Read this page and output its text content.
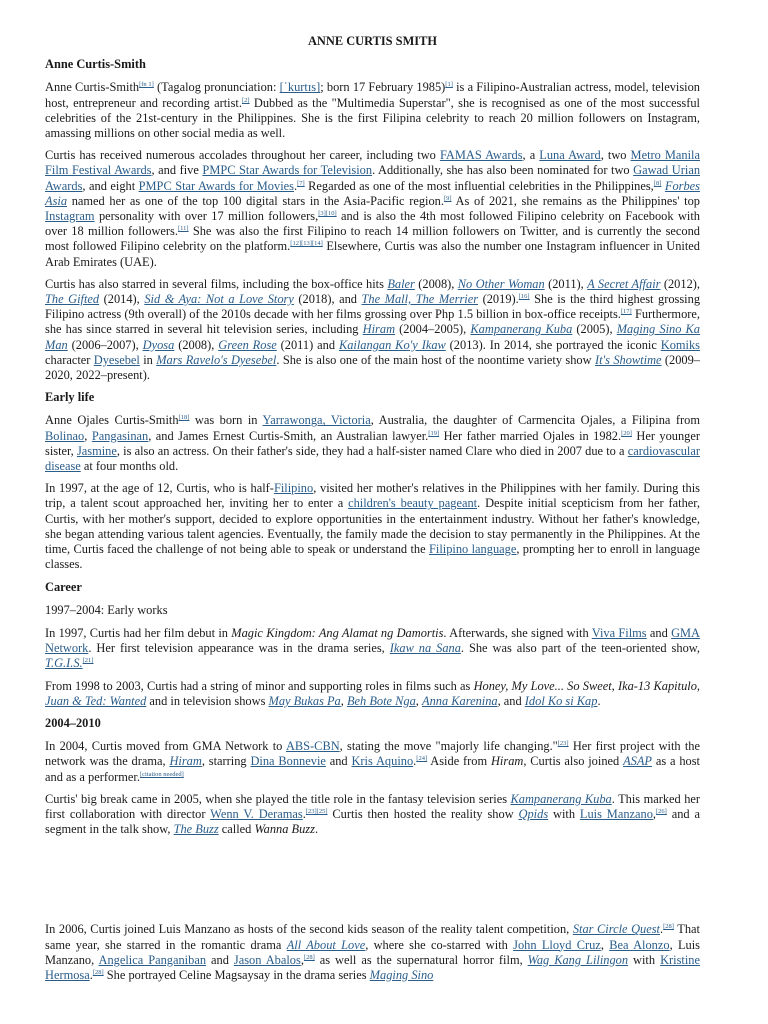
ANNE CURTIS SMITH
Anne Curtis-Smith

Anne Curtis-Smith[fn 1] (Tagalog pronunciation: [ˈkurtɪs]; born 17 February 1985)[1] is a Filipino-Australian actress, model, television host, entrepreneur and recording artist.[2] Dubbed as the "Multimedia Superstar", she is recognised as one of the most successful celebrities of the 21st-century in the Philippines. She is the first Filipina celebrity to reach 20 million followers on Instagram, amassing millions on other social media as well.

Curtis has received numerous accolades throughout her career, including two FAMAS Awards, a Luna Award, two Metro Manila Film Festival Awards, and five PMPC Star Awards for Television. Additionally, she has also been nominated for two Gawad Urian Awards, and eight PMPC Star Awards for Movies.[7] Regarded as one of the most influential celebrities in the Philippines,[8] Forbes Asia named her as one of the top 100 digital stars in the Asia-Pacific region.[9] As of 2021, she remains as the Philippines' top Instagram personality with over 17 million followers,[3][10] and is also the 4th most followed Filipino celebrity on Facebook with over 18 million followers.[11] She was also the first Filipino to reach 14 million followers on Twitter, and is currently the second most followed Filipino celebrity on the platform.[12][13][14] Elsewhere, Curtis was also the number one Instagram influencer in United Arab Emirates (UAE).

Curtis has also starred in several films, including the box-office hits Baler (2008), No Other Woman (2011), A Secret Affair (2012), The Gifted (2014), Sid & Aya: Not a Love Story (2018), and The Mall, The Merrier (2019).[16] She is the third highest grossing Filipino actress (9th overall) of the 2010s decade with her films grossing over Php 1.5 billion in box-office receipts.[17] Furthermore, she has since starred in several hit television series, including Hiram (2004–2005), Kampanerang Kuba (2005), Maging Sino Ka Man (2006–2007), Dyosa (2008), Green Rose (2011) and Kailangan Ko'y Ikaw (2013). In 2014, she portrayed the iconic Komiks character Dyesebel in Mars Ravelo's Dyesebel. She is also one of the main host of the noontime variety show It's Showtime (2009–2020, 2022–present).

Early life

Anne Ojales Curtis-Smith[18] was born in Yarrawonga, Victoria, Australia, the daughter of Carmencita Ojales, a Filipina from Bolinao, Pangasinan, and James Ernest Curtis-Smith, an Australian lawyer.[19] Her father married Ojales in 1982.[20] Her younger sister, Jasmine, is also an actress. On their father's side, they had a half-sister named Clare who died in 2007 due to a cardiovascular disease at four months old.

In 1997, at the age of 12, Curtis, who is half-Filipino, visited her mother's relatives in the Philippines with her family. During this trip, a talent scout approached her, inviting her to enter a children's beauty pageant. Despite initial scepticism from her father, Curtis, with her mother's support, decided to explore opportunities in the entertainment industry. Without her father's knowledge, she began attending various talent agencies. Eventually, the family made the decision to stay permanently in the Philippines. At the time, Curtis faced the challenge of not being able to speak or understand the Filipino language, prompting her to enroll in language classes.

Career

1997–2004: Early works

In 1997, Curtis had her film debut in Magic Kingdom: Ang Alamat ng Damortis. Afterwards, she signed with Viva Films and GMA Network. Her first television appearance was in the drama series, Ikaw na Sana. She was also part of the teen-oriented show, T.G.I.S.[21]

From 1998 to 2003, Curtis had a string of minor and supporting roles in films such as Honey, My Love... So Sweet, Ika-13 Kapitulo, Juan & Ted: Wanted and in television shows May Bukas Pa, Beh Bote Nga, Anna Karenina, and Idol Ko si Kap.

2004–2010

In 2004, Curtis moved from GMA Network to ABS-CBN, stating the move "majorly life changing."[23] Her first project with the network was the drama, Hiram, starring Dina Bonnevie and Kris Aquino.[24] Aside from Hiram, Curtis also joined ASAP as a host and as a performer.[citation needed]

Curtis' big break came in 2005, when she played the title role in the fantasy television series Kampanerang Kuba. This marked her first collaboration with director Wenn V. Deramas.[23][25] Curtis then hosted the reality show Qpids with Luis Manzano,[26] and a segment in the talk show, The Buzz called Wanna Buzz.

In 2006, Curtis joined Luis Manzano as hosts of the second kids season of the reality talent competition, Star Circle Quest.[28] That same year, she starred in the romantic drama All About Love, where she co-starred with John Lloyd Cruz, Bea Alonzo, Luis Manzano, Angelica Panganiban and Jason Abalos,[28] as well as the supernatural horror film, Wag Kang Lilingon with Kristine Hermosa.[28] She portrayed Celine Magsaysay in the drama series Maging Sino
